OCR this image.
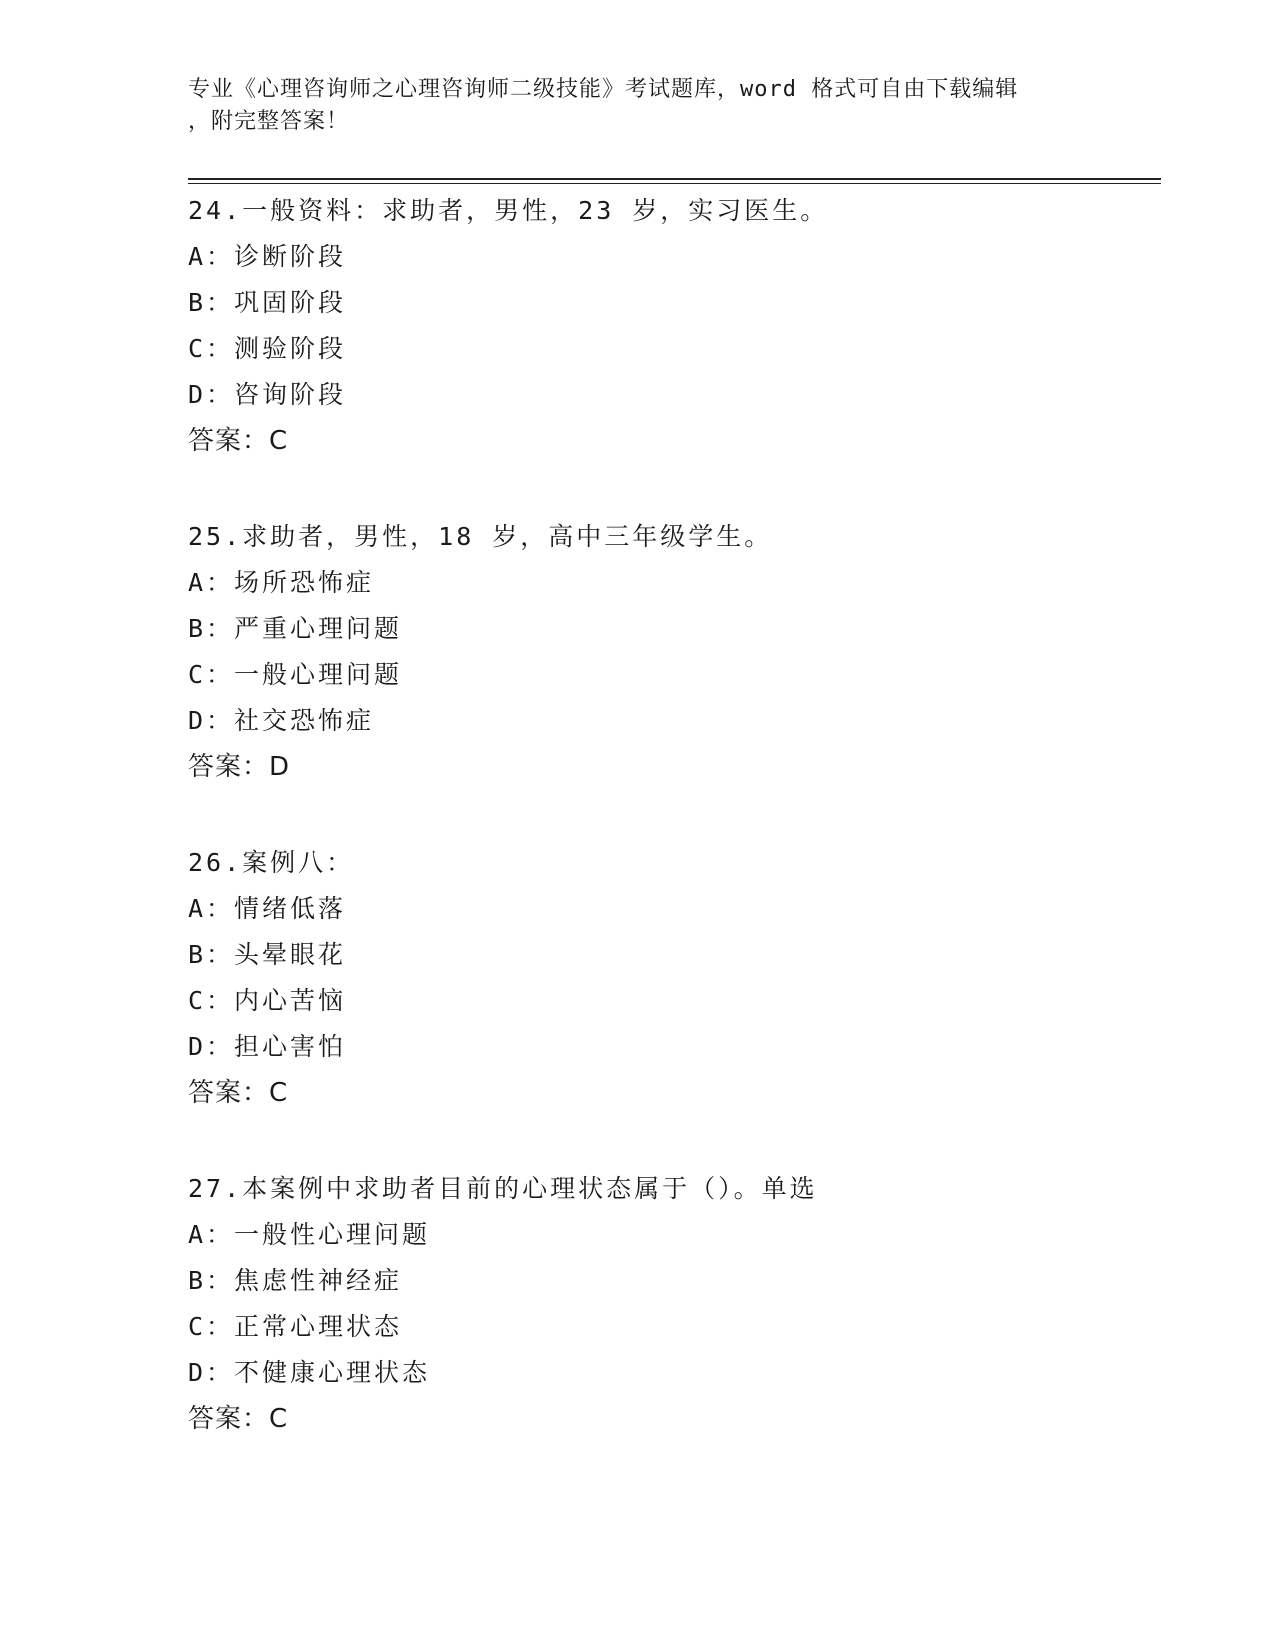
专业《心理咨询师之心理咨询师二级技能》考试题库，word 格式可自由下载编辑
，附完整答案！
24.一般资料：求助者，男性，23 岁，实习医生。
A：诊断阶段
B：巩固阶段
C：测验阶段
D：咨询阶段
答案：C
25.求助者，男性，18 岁，高中三年级学生。
A：场所恐怖症
B：严重心理问题
C：一般心理问题
D：社交恐怖症
答案：D
26.案例八：
A：情绪低落
B：头晕眼花
C：内心苦恼
D：担心害怕
答案：C
27.本案例中求助者目前的心理状态属于（）。单选
A：一般性心理问题
B：焦虑性神经症
C：正常心理状态
D：不健康心理状态
答案：C
